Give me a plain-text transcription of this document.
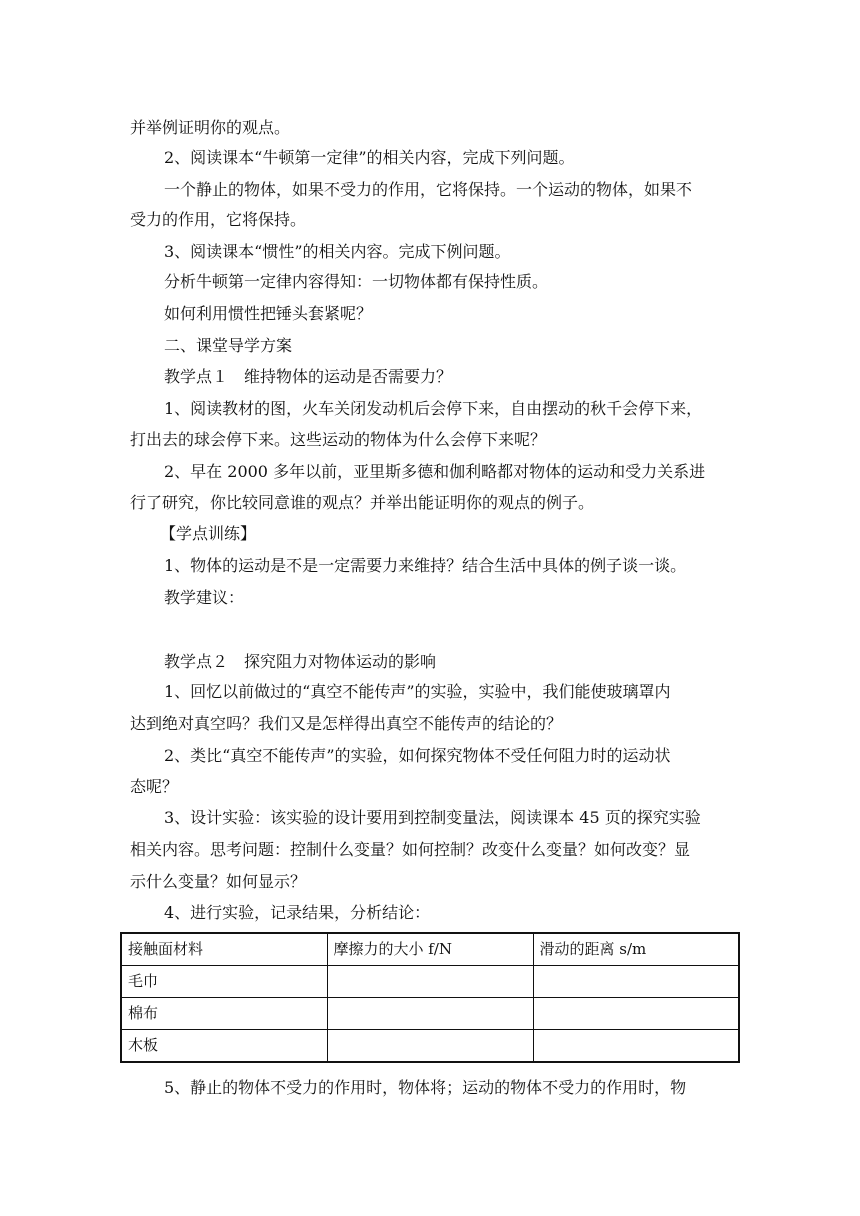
并举例证明你的观点。
2、阅读课本“牛顿第一定律”的相关内容，完成下列问题。
一个静止的物体，如果不受力的作用，它将保持。一个运动的物体，如果不
受力的作用，它将保持。
3、阅读课本“惯性”的相关内容。完成下例问题。
分析牛顿第一定律内容得知：一切物体都有保持性质。
如何利用惯性把锤头套紧呢？
二、课堂导学方案
教学点１　维持物体的运动是否需要力？
1、阅读教材的图，火车关闭发动机后会停下来，自由摆动的秋千会停下来，
打出去的球会停下来。这些运动的物体为什么会停下来呢？
2、早在 2000 多年以前，亚里斯多德和伽利略都对物体的运动和受力关系进
行了研究，你比较同意谁的观点？并举出能证明你的观点的例子。
【学点训练】
1、物体的运动是不是一定需要力来维持？结合生活中具体的例子谈一谈。
教学建议：
教学点２　探究阻力对物体运动的影响
1、回忆以前做过的“真空不能传声”的实验，实验中，我们能使玻璃罩内
达到绝对真空吗？我们又是怎样得出真空不能传声的结论的？
2、类比“真空不能传声”的实验，如何探究物体不受任何阻力时的运动状
态呢？
3、设计实验：该实验的设计要用到控制变量法，阅读课本 45 页的探究实验
相关内容。思考问题：控制什么变量？如何控制？改变什么变量？如何改变？显
示什么变量？如何显示？
4、进行实验，记录结果，分析结论：
接触面材料	摩擦力的大小 f/N	滑动的距离 s/m
毛巾		
棉布		
木板		
5、静止的物体不受力的作用时，物体将；运动的物体不受力的作用时，物
